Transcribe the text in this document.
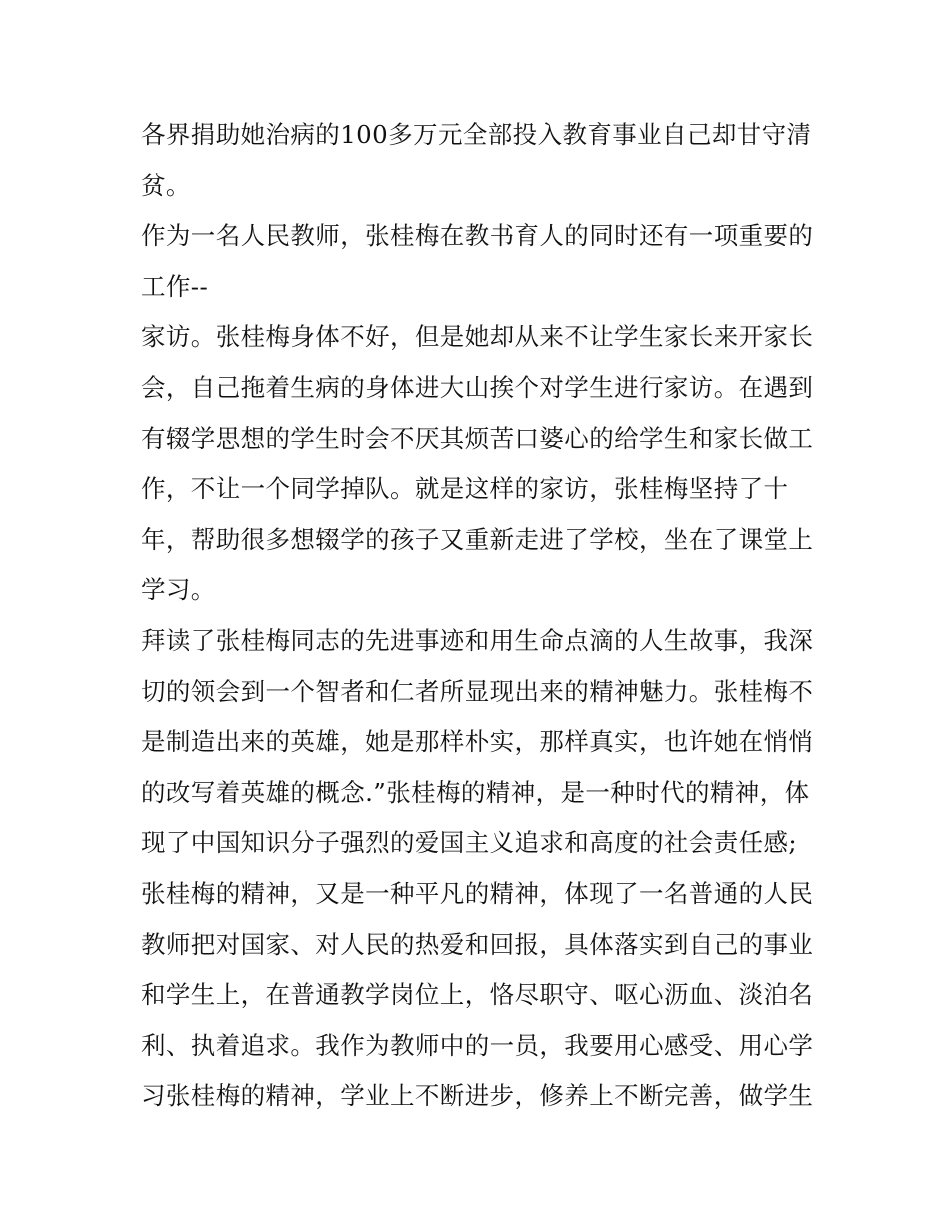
各界捐助她治病的100多万元全部投入教育事业自己却甘守清
贫。
作为一名人民教师，张桂梅在教书育人的同时还有一项重要的
工作--
家访。张桂梅身体不好，但是她却从来不让学生家长来开家长
会，自己拖着生病的身体进大山挨个对学生进行家访。在遇到
有辍学思想的学生时会不厌其烦苦口婆心的给学生和家长做工
作，不让一个同学掉队。就是这样的家访，张桂梅坚持了十
年，帮助很多想辍学的孩子又重新走进了学校，坐在了课堂上
学习。
拜读了张桂梅同志的先进事迹和用生命点滴的人生故事，我深
切的领会到一个智者和仁者所显现出来的精神魅力。张桂梅不
是制造出来的英雄，她是那样朴实，那样真实，也许她在悄悄
的改写着英雄的概念.”张桂梅的精神，是一种时代的精神，体
现了中国知识分子强烈的爱国主义追求和高度的社会责任感;
张桂梅的精神，又是一种平凡的精神，体现了一名普通的人民
教师把对国家、对人民的热爱和回报，具体落实到自己的事业
和学生上，在普通教学岗位上，恪尽职守、呕心沥血、淡泊名
利、执着追求。我作为教师中的一员，我要用心感受、用心学
习张桂梅的精神，学业上不断进步，修养上不断完善，做学生
